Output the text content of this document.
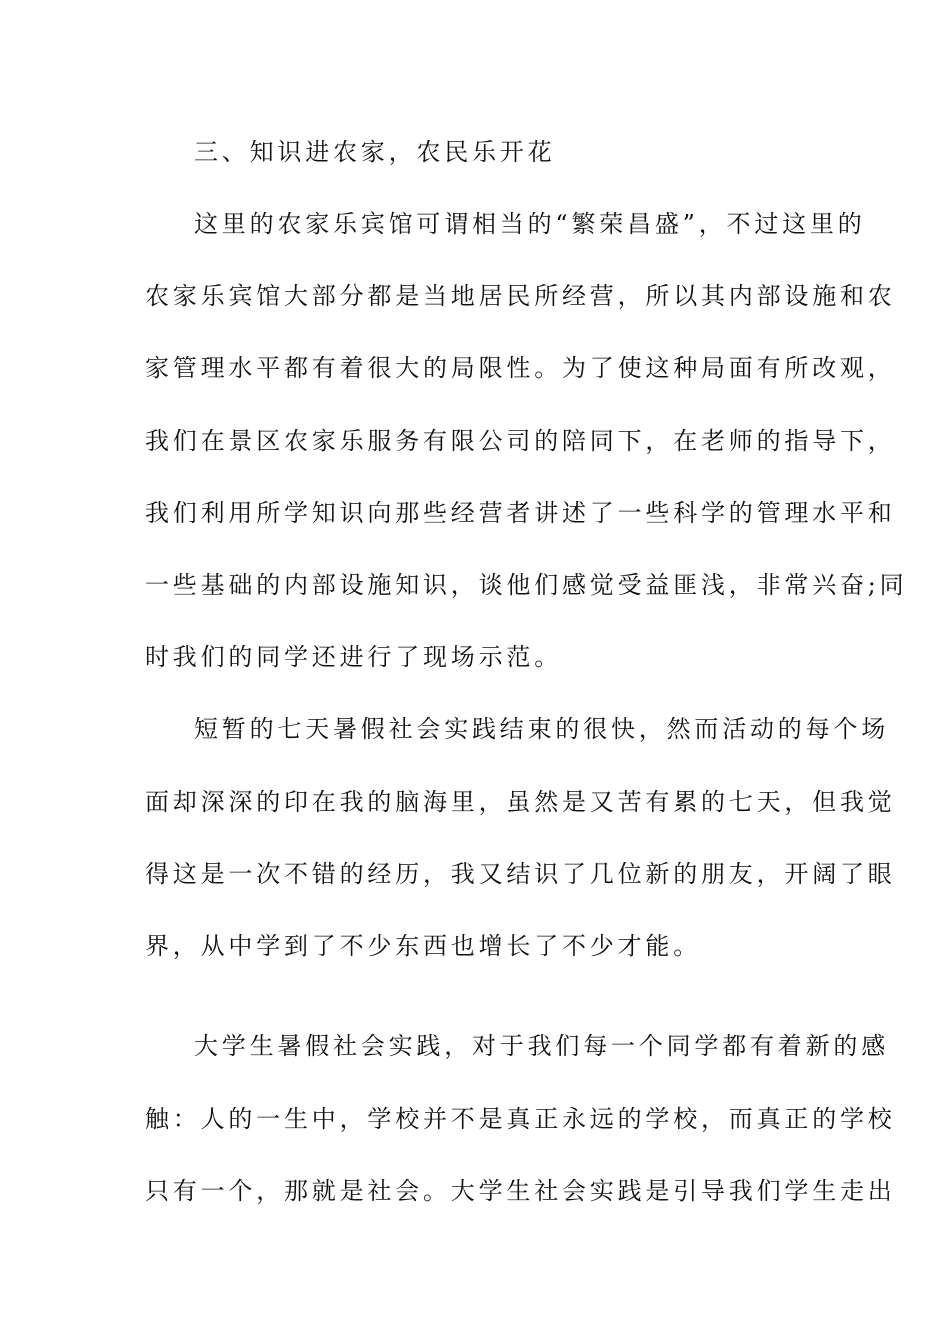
三、知识进农家，农民乐开花
这里的农家乐宾馆可谓相当的“繁荣昌盛”，不过这里的
农家乐宾馆大部分都是当地居民所经营，所以其内部设施和农
家管理水平都有着很大的局限性。为了使这种局面有所改观，
我们在景区农家乐服务有限公司的陪同下，在老师的指导下，
我们利用所学知识向那些经营者讲述了一些科学的管理水平和
一些基础的内部设施知识，谈他们感觉受益匪浅，非常兴奋;同
时我们的同学还进行了现场示范。
短暂的七天暑假社会实践结束的很快，然而活动的每个场
面却深深的印在我的脑海里，虽然是又苦有累的七天，但我觉
得这是一次不错的经历，我又结识了几位新的朋友，开阔了眼
界，从中学到了不少东西也增长了不少才能。
大学生暑假社会实践，对于我们每一个同学都有着新的感
触：人的一生中，学校并不是真正永远的学校，而真正的学校
只有一个，那就是社会。大学生社会实践是引导我们学生走出
